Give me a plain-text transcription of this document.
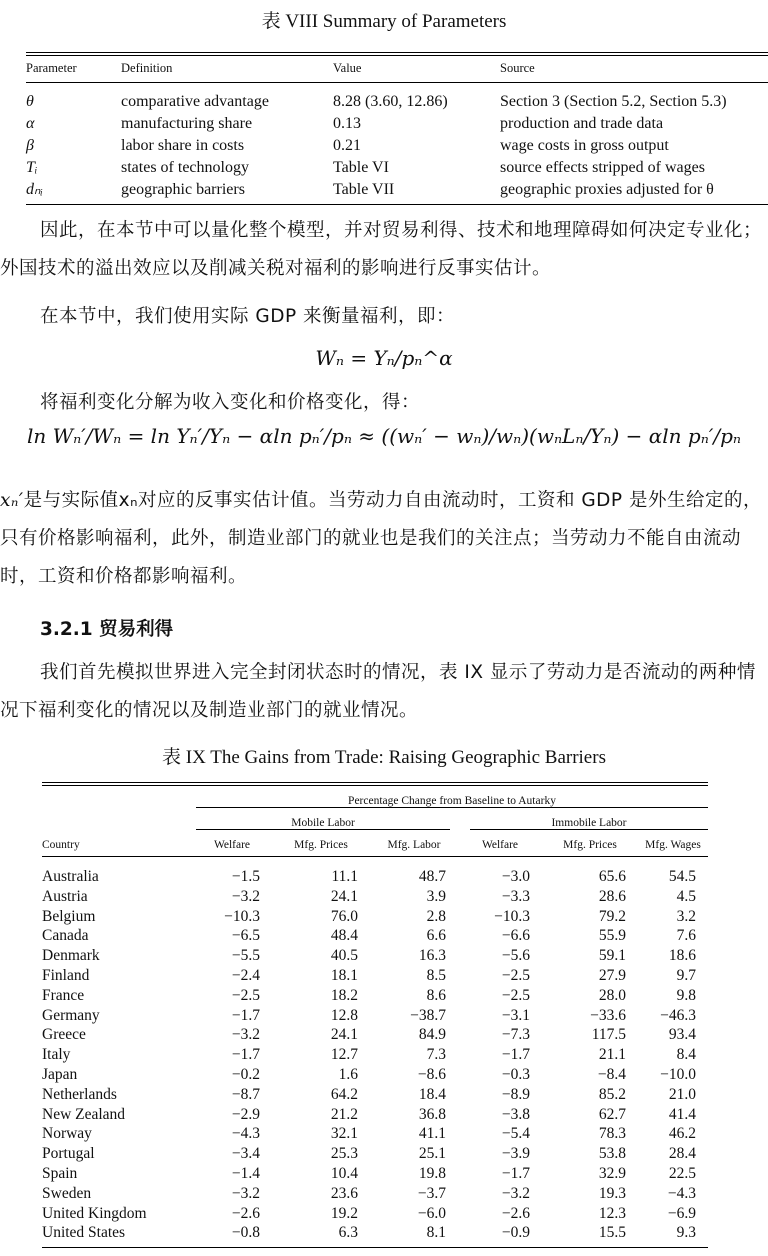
表 VIII Summary of Parameters
Parameter	Definition	Value	Source
θ	comparative advantage	8.28 (3.60, 12.86)	Section 3 (Section 5.2, Section 5.3)
α	manufacturing share	0.13	production and trade data
β	labor share in costs	0.21	wage costs in gross output
Tᵢ	states of technology	Table VI	source effects stripped of wages
dₙᵢ	geographic barriers	Table VII	geographic proxies adjusted for θ

因此，在本节中可以量化整个模型，并对贸易利得、技术和地理障碍如何决定专业化；外国技术的溢出效应以及削减关税对福利的影响进行反事实估计。

在本节中，我们使用实际 GDP 来衡量福利，即：

Wₙ = Yₙ/pₙ^α

将福利变化分解为收入变化和价格变化，得：

ln Wₙ′/Wₙ = ln Yₙ′/Yₙ − αln pₙ′/pₙ ≈ ((wₙ′ − wₙ)/wₙ)(wₙLₙ/Yₙ) − αln pₙ′/pₙ

xₙ′是与实际值xₙ对应的反事实估计值。当劳动力自由流动时，工资和 GDP 是外生给定的，只有价格影响福利，此外，制造业部门的就业也是我们的关注点；当劳动力不能自由流动时，工资和价格都影响福利。

3.2.1 贸易利得

我们首先模拟世界进入完全封闭状态时的情况，表 IX 显示了劳动力是否流动的两种情况下福利变化的情况以及制造业部门的就业情况。

表 IX The Gains from Trade: Raising Geographic Barriers

	Percentage Change from Baseline to Autarky					

	Mobile Labor			Immobile Labor		

Country	Welfare	Mfg. Prices	Mfg. Labor	Welfare	Mfg. Prices	Mfg. Wages
Australia	−1.5	11.1	48.7	−3.0	65.6	54.5
Austria	−3.2	24.1	3.9	−3.3	28.6	4.5
Belgium	−10.3	76.0	2.8	−10.3	79.2	3.2
Canada	−6.5	48.4	6.6	−6.6	55.9	7.6
Denmark	−5.5	40.5	16.3	−5.6	59.1	18.6
Finland	−2.4	18.1	8.5	−2.5	27.9	9.7
France	−2.5	18.2	8.6	−2.5	28.0	9.8
Germany	−1.7	12.8	−38.7	−3.1	−33.6	−46.3
Greece	−3.2	24.1	84.9	−7.3	117.5	93.4
Italy	−1.7	12.7	7.3	−1.7	21.1	8.4
Japan	−0.2	1.6	−8.6	−0.3	−8.4	−10.0
Netherlands	−8.7	64.2	18.4	−8.9	85.2	21.0
New Zealand	−2.9	21.2	36.8	−3.8	62.7	41.4
Norway	−4.3	32.1	41.1	−5.4	78.3	46.2
Portugal	−3.4	25.3	25.1	−3.9	53.8	28.4
Spain	−1.4	10.4	19.8	−1.7	32.9	22.5
Sweden	−3.2	23.6	−3.7	−3.2	19.3	−4.3
United Kingdom	−2.6	19.2	−6.0	−2.6	12.3	−6.9
United States	−0.8	6.3	8.1	−0.9	15.5	9.3
